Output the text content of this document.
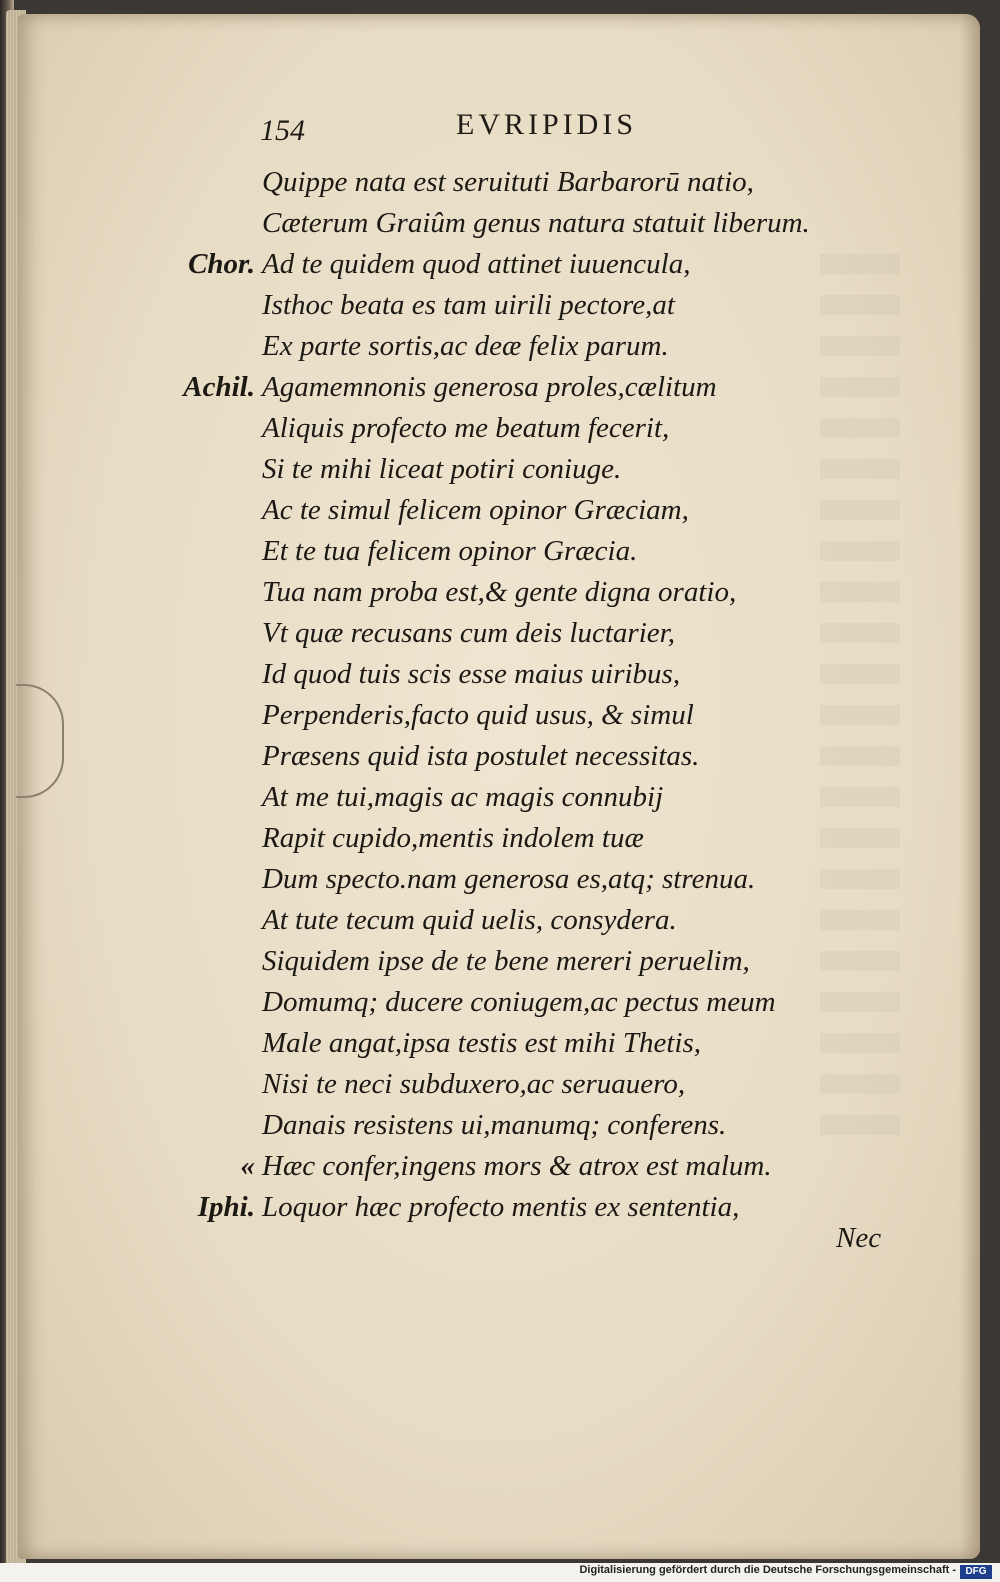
154	EVRIPIDIS
Quippe nata est seruituti Barbarorū natio,
Cæterum Graiûm genus natura statuit liberum.
Chor. Ad te quidem quod attinet iuuencula,
Isthoc beata es tam uirili pectore,at
Ex parte sortis,ac deæ felix parum.
Achil. Agamemnonis generosa proles,cælitum
Aliquis profecto me beatum fecerit,
Si te mihi liceat potiri coniuge.
Ac te simul felicem opinor Græciam,
Et te tua felicem opinor Græcia.
Tua nam proba est,& gente digna oratio,
Vt quæ recusans cum deis luctarier,
Id quod tuis scis esse maius uiribus,
Perpenderis,facto quid usus, & simul
Præsens quid ista postulet necessitas.
At me tui,magis ac magis connubij
Rapit cupido,mentis indolem tuæ
Dum specto.nam generosa es,atq; strenua.
At tute tecum quid uelis, consydera.
Siquidem ipse de te bene mereri peruelim,
Domumq; ducere coniugem,ac pectus meum
Male angat,ipsa testis est mihi Thetis,
Nisi te neci subduxero,ac seruauero,
Danais resistens ui,manumq; conferens.
« Hæc confer,ingens mors & atrox est malum.
Iphi. Loquor hæc profecto mentis ex sententia,
Nec
Digitalisierung gefördert durch die Deutsche Forschungsgemeinschaft - DFG
